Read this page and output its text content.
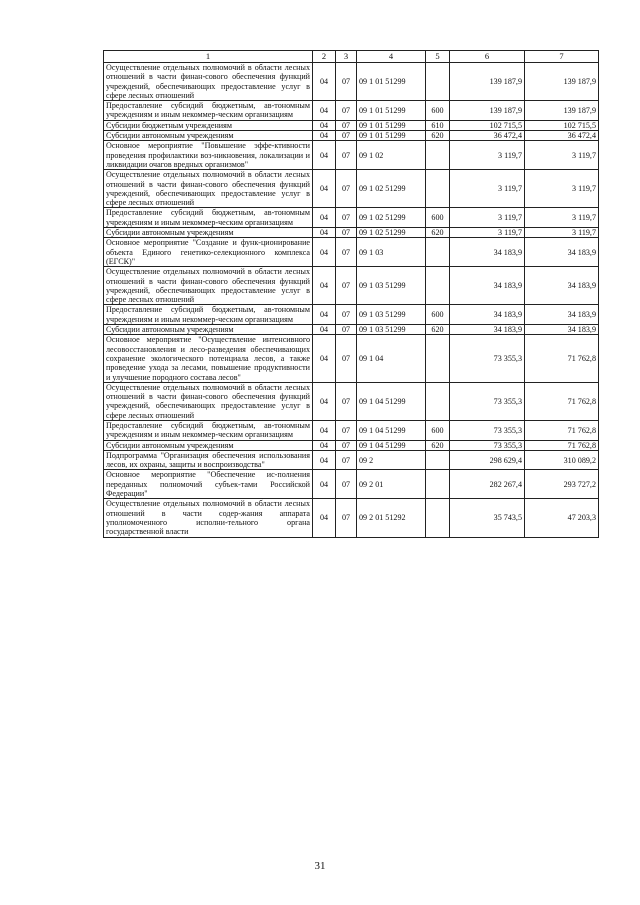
1	2	3	4	5	6	7
Осуществление отдельных полномочий в области лесных отношений в части финан-сового обеспечения функций учреждений, обеспечивающих предоставление услуг в сфере лесных отношений	04	07	09 1 01 51299		139 187,9	139 187,9
Предоставление субсидий бюджетным, ав-тономным учреждениям и иным некоммер-ческим организациям	04	07	09 1 01 51299	600	139 187,9	139 187,9
Субсидии бюджетным учреждениям	04	07	09 1 01 51299	610	102 715,5	102 715,5
Субсидии автономным учреждениям	04	07	09 1 01 51299	620	36 472,4	36 472,4
Основное мероприятие "Повышение эффе-ктивности проведения профилактики воз-никновения, локализации и ликвидации очагов вредных организмов"	04	07	09 1 02		3 119,7	3 119,7
Осуществление отдельных полномочий в области лесных отношений в части финан-сового обеспечения функций учреждений, обеспечивающих предоставление услуг в сфере лесных отношений	04	07	09 1 02 51299		3 119,7	3 119,7
Предоставление субсидий бюджетным, ав-тономным учреждениям и иным некоммер-ческим организациям	04	07	09 1 02 51299	600	3 119,7	3 119,7
Субсидии автономным учреждениям	04	07	09 1 02 51299	620	3 119,7	3 119,7
Основное мероприятие "Создание и функ-ционирование объекта Единого генетико-селекционного комплекса (ЕГСК)"	04	07	09 1 03		34 183,9	34 183,9
Осуществление отдельных полномочий в области лесных отношений в части финан-сового обеспечения функций учреждений, обеспечивающих предоставление услуг в сфере лесных отношений	04	07	09 1 03 51299		34 183,9	34 183,9
Предоставление субсидий бюджетным, ав-тономным учреждениям и иным некоммер-ческим организациям	04	07	09 1 03 51299	600	34 183,9	34 183,9
Субсидии автономным учреждениям	04	07	09 1 03 51299	620	34 183,9	34 183,9
Основное мероприятие "Осуществление интенсивного лесовосстановления и лесо-разведения обеспечивающих сохранение экологического потенциала лесов, а также проведение ухода за лесами, повышение продуктивности и улучшение породного состава лесов"	04	07	09 1 04		73 355,3	71 762,8
Осуществление отдельных полномочий в области лесных отношений в части финан-сового обеспечения функций учреждений, обеспечивающих предоставление услуг в сфере лесных отношений	04	07	09 1 04 51299		73 355,3	71 762,8
Предоставление субсидий бюджетным, ав-тономным учреждениям и иным некоммер-ческим организациям	04	07	09 1 04 51299	600	73 355,3	71 762,8
Субсидии автономным учреждениям	04	07	09 1 04 51299	620	73 355,3	71 762,8
Подпрограмма "Организация обеспечения использования лесов, их охраны, защиты и воспроизводства"	04	07	09 2		298 629,4	310 089,2
Основное мероприятие "Обеспечение ис-полнения переданных полномочий субъек-тами Российской Федерации"	04	07	09 2 01		282 267,4	293 727,2
Осуществление отдельных полномочий в области лесных отношений в части содер-жания аппарата уполномоченного исполни-тельного органа государственной власти	04	07	09 2 01 51292		35 743,5	47 203,3
31
